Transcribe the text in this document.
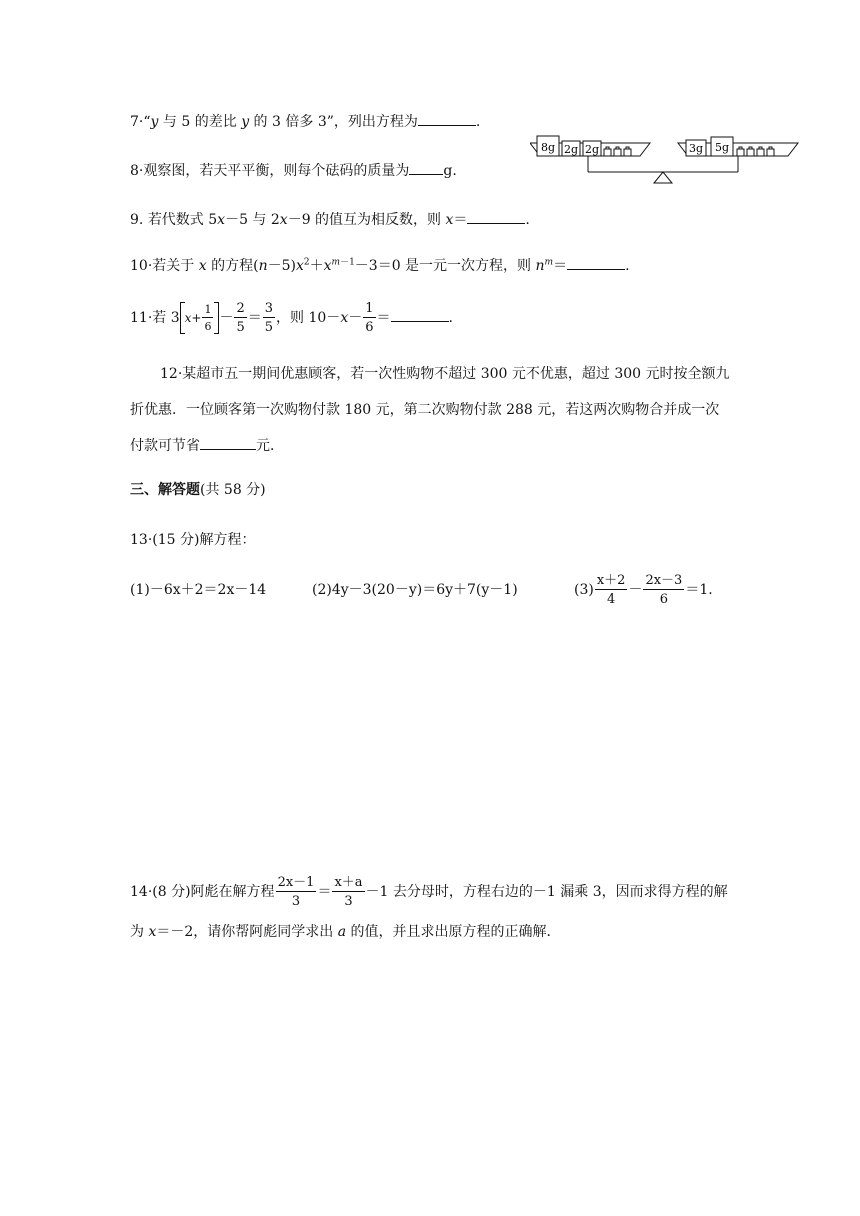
7·“y 与 5 的差比 y 的 3 倍多 3”，列出方程为	.
8·观察图，若天平平衡，则每个砝码的质量为 g.
8g 2g 2g	3g 5g
9. 若代数式 5x－5 与 2x－9 的值互为相反数，则 x＝	.
10·若关于 x 的方程$(n-5)x^2+x^{m-1}-3=0$ 是一元一次方程，则 $n^m=$	.
11·若 3 $x+ \frac{1}{6} - \frac{2}{5} = \frac{3}{5}$ ，则 $10-x- \frac{1}{6}$ ＝	.
12·某超市五一期间优惠顾客，若一次性购物不超过 300 元不优惠，超过 300 元时按全额九折优惠．一位顾客第一次购物付款 180 元，第二次购物付款 288 元，若这两次购物合并成一次付款可节省	元．
三、解答题(共 58 分)
13·(15 分)解方程：
(1)－6x＋2＝2x－14	(2)4y－3(20－y)＝6y＋7(y－1)	$(3) \frac{x+2}{4} - \frac{2x-3}{6} =1$.
14·(8 分)阿彪在解方程 $\frac{2x-1}{3} = \frac{x+a}{3} -1$ 去分母时，方程右边的－1 漏乘 3，因而求得方程的解为 x＝－2，请你帮阿彪同学求出 a 的值，并且求出原方程的正确解．
